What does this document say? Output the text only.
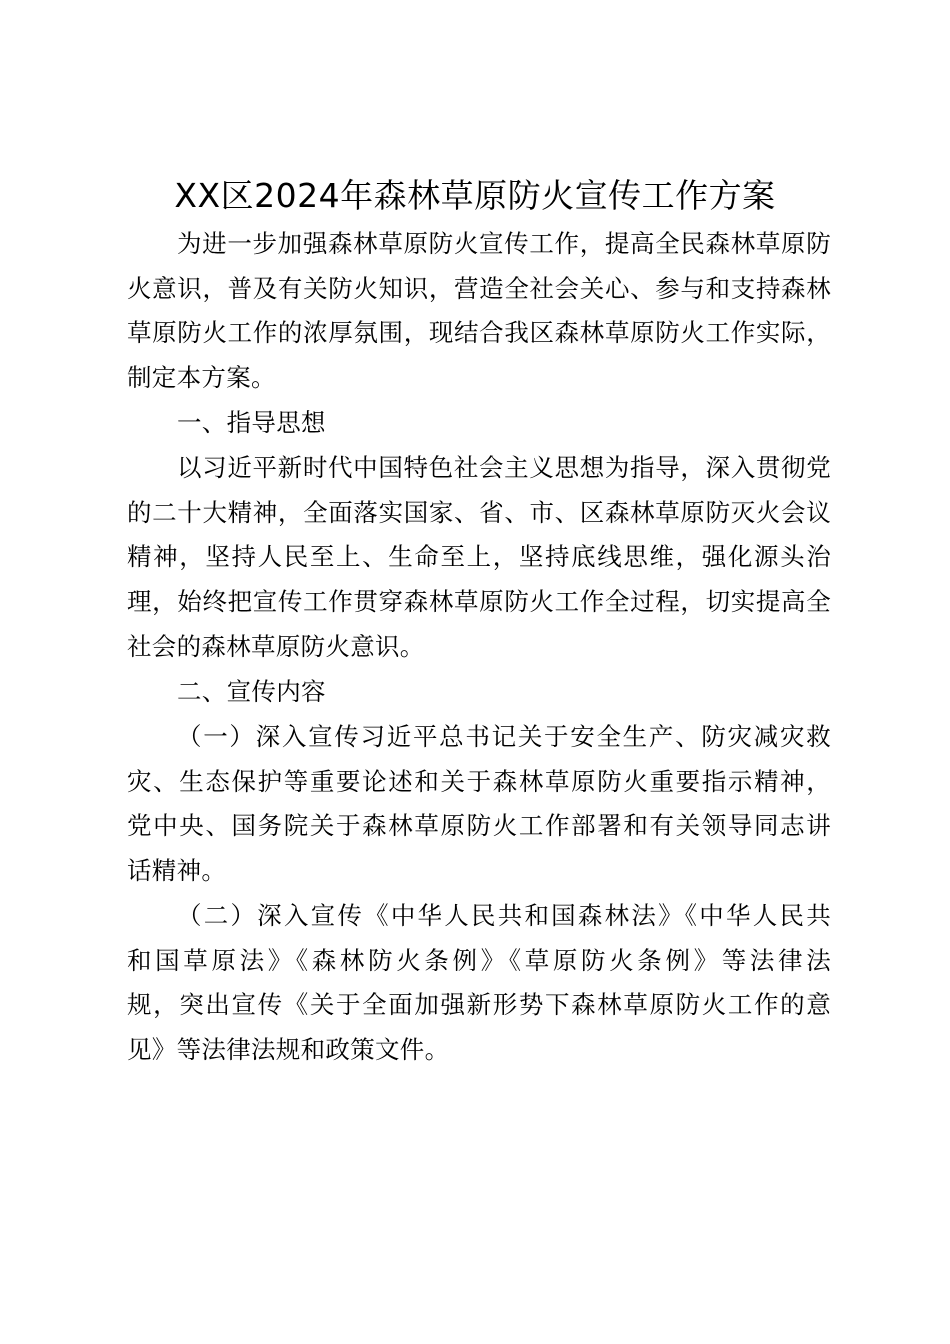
XX区2024年森林草原防火宣传工作方案
为进一步加强森林草原防火宣传工作，提高全民森林草原防
火意识，普及有关防火知识，营造全社会关心、参与和支持森林
草原防火工作的浓厚氛围，现结合我区森林草原防火工作实际，
制定本方案。
一、指导思想
以习近平新时代中国特色社会主义思想为指导，深入贯彻党
的二十大精神，全面落实国家、省、市、区森林草原防灭火会议
精神，坚持人民至上、生命至上，坚持底线思维，强化源头治
理，始终把宣传工作贯穿森林草原防火工作全过程，切实提高全
社会的森林草原防火意识。
二、宣传内容
（一）深入宣传习近平总书记关于安全生产、防灾减灾救
灾、生态保护等重要论述和关于森林草原防火重要指示精神，
党中央、国务院关于森林草原防火工作部署和有关领导同志讲
话精神。
（二）深入宣传《中华人民共和国森林法》《中华人民共
和国草原法》《森林防火条例》《草原防火条例》等法律法
规，突出宣传《关于全面加强新形势下森林草原防火工作的意
见》等法律法规和政策文件。
